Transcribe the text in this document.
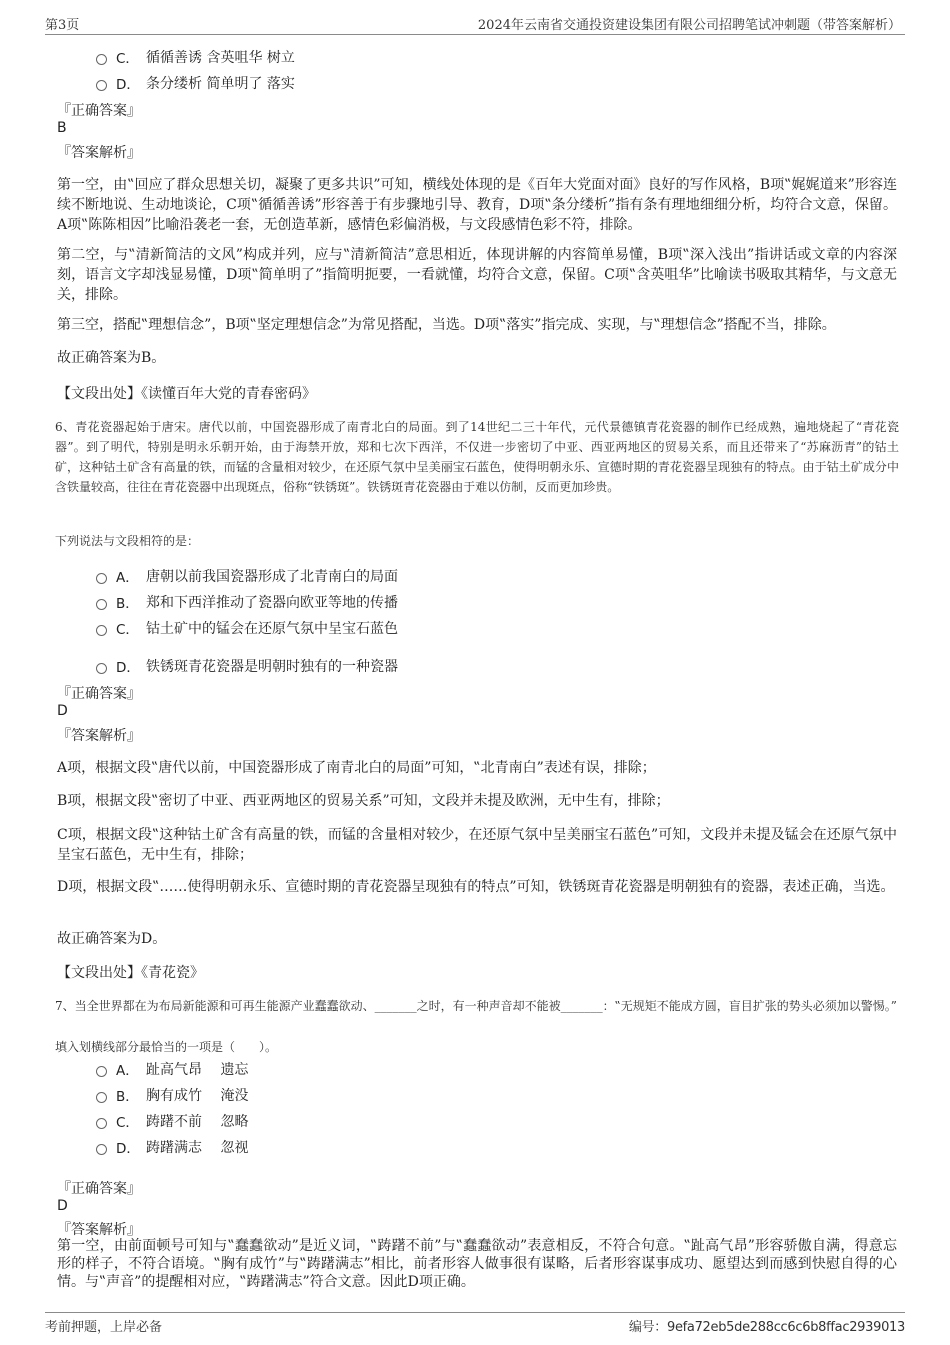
第3页	2024年云南省交通投资建设集团有限公司招聘笔试冲刺题（带答案解析）
C． 循循善诱 含英咀华 树立
D． 条分缕析 简单明了 落实
『正确答案』
B
『答案解析』
第一空，由‟回应了群众思想关切，凝聚了更多共识”可知，横线处体现的是《百年大党面对面》良好的写作风格，B项‟娓娓道来”形容连续不断地说、生动地谈论，C项‟循循善诱”形容善于有步骤地引导、教育，D项‟条分缕析”指有条有理地细细分析，均符合文意，保留。A项‟陈陈相因”比喻沿袭老一套，无创造革新，感情色彩偏消极，与文段感情色彩不符，排除。
第二空，与‟清新简洁的文风”构成并列，应与‟清新简洁”意思相近，体现讲解的内容简单易懂，B项‟深入浅出”指讲话或文章的内容深刻，语言文字却浅显易懂，D项‟简单明了”指简明扼要，一看就懂，均符合文意，保留。C项‟含英咀华”比喻读书吸取其精华，与文意无关，排除。
第三空，搭配‟理想信念”，B项‟坚定理想信念”为常见搭配，当选。D项‟落实”指完成、实现，与‟理想信念”搭配不当，排除。
故正确答案为B。
【文段出处】《读懂百年大党的青春密码》
6、青花瓷器起始于唐宋。唐代以前，中国瓷器形成了南青北白的局面。到了14世纪二三十年代，元代景德镇青花瓷器的制作已经成熟，遍地烧起了“青花瓷器”。到了明代，特别是明永乐朝开始，由于海禁开放，郑和七次下西洋，不仅进一步密切了中亚、西亚两地区的贸易关系，而且还带来了“苏麻沥青”的钴土矿，这种钴土矿含有高量的铁，而锰的含量相对较少，在还原气氛中呈美丽宝石蓝色，使得明朝永乐、宣德时期的青花瓷器呈现独有的特点。由于钴土矿成分中含铁量较高，往往在青花瓷器中出现斑点，俗称“铁锈斑”。铁锈斑青花瓷器由于难以仿制，反而更加珍贵。
下列说法与文段相符的是：
A． 唐朝以前我国瓷器形成了北青南白的局面
B． 郑和下西洋推动了瓷器向欧亚等地的传播
C． 钴土矿中的锰会在还原气氛中呈宝石蓝色
D． 铁锈斑青花瓷器是明朝时独有的一种瓷器
『正确答案』
D
『答案解析』
A项，根据文段‟唐代以前，中国瓷器形成了南青北白的局面”可知，‟北青南白”表述有误，排除；
B项，根据文段‟密切了中亚、西亚两地区的贸易关系”可知，文段并未提及欧洲，无中生有，排除；
C项，根据文段‟这种钴土矿含有高量的铁，而锰的含量相对较少，在还原气氛中呈美丽宝石蓝色”可知，文段并未提及锰会在还原气氛中呈宝石蓝色，无中生有，排除；
D项，根据文段‟……使得明朝永乐、宣德时期的青花瓷器呈现独有的特点”可知，铁锈斑青花瓷器是明朝独有的瓷器，表述正确，当选。
故正确答案为D。
【文段出处】《青花瓷》
7、当全世界都在为布局新能源和可再生能源产业蠢蠢欲动、_______之时，有一种声音却不能被_______：‟无规矩不能成方圆，盲目扩张的势头必须加以警惕。”
填入划横线部分最恰当的一项是（　　）。
A． 趾高气昂　 遗忘
B． 胸有成竹　 淹没
C． 踌躇不前　 忽略
D． 踌躇满志　 忽视
『正确答案』
D
『答案解析』
第一空，由前面顿号可知与‟蠢蠢欲动”是近义词，‟踌躇不前”与‟蠢蠢欲动”表意相反，不符合句意。‟趾高气昂”形容骄傲自满，得意忘形的样子，不符合语境。‟胸有成竹”与‟踌躇满志”相比，前者形容人做事很有谋略，后者形容谋事成功、愿望达到而感到快慰自得的心情。与‟声音”的提醒相对应，‟踌躇满志”符合文意。因此D项正确。
考前押题，上岸必备	编号：9efa72eb5de288cc6c6b8ffac2939013
